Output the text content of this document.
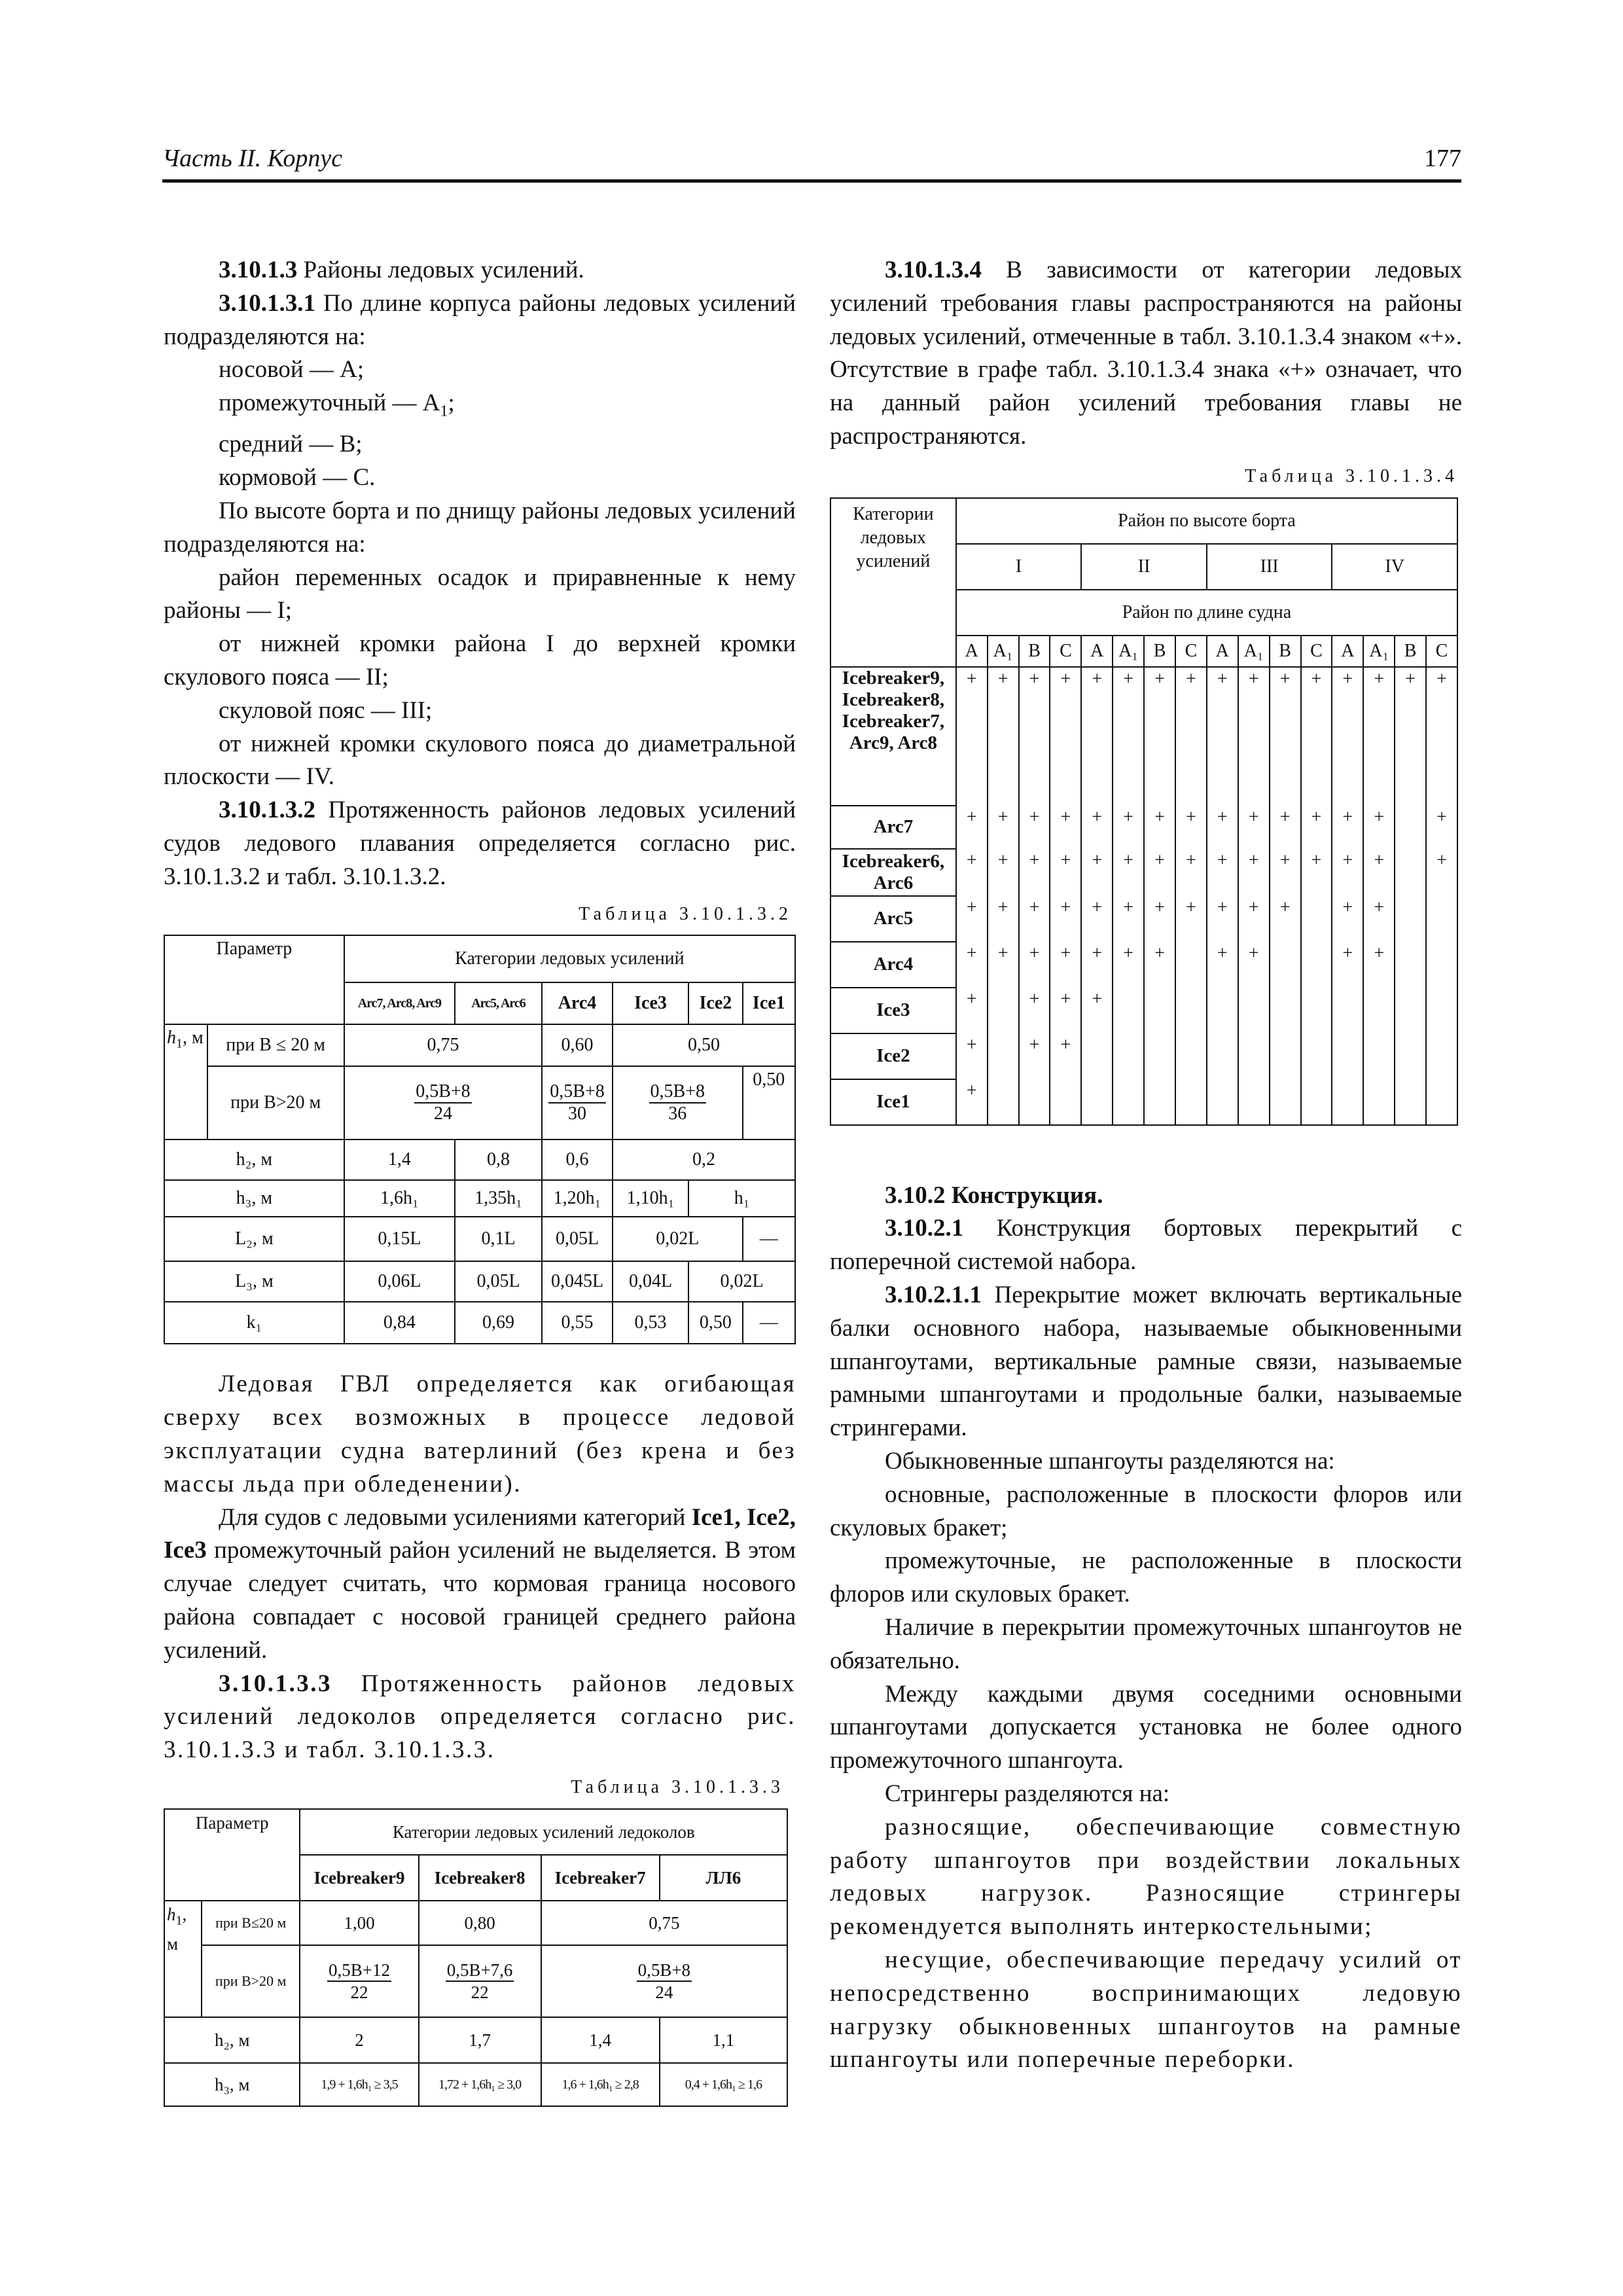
Часть II. Корпус	177

3.10.1.3 Районы ледовых усилений.

3.10.1.3.1 По длине корпуса районы ледовых усилений подразделяются на:

носовой — A;

промежуточный — $A_1$;

средний — B;

кормовой — C.

По высоте борта и по днищу районы ледовых усилений подразделяются на:

район переменных осадок и приравненные к нему районы — I;

от нижней кромки района I до верхней кромки скулового пояса — II;

скуловой пояс — III;

от нижней кромки скулового пояса до диаметральной плоскости — IV.

3.10.1.3.2 Протяженность районов ледовых усилений судов ледового плавания определяется согласно рис. 3.10.1.3.2 и табл. 3.10.1.3.2.

Таблица 3.10.1.3.2
Параметр		Категории ледовых усилений					
		Arc7, Arc8, Arc9	Arc5, Arc6	Arc4	Ice3	Ice2	Ice1
$h_1$, м	при B ≤ 20 м	0,75		0,60	0,50		
	при B>20 м	$\frac{0,5B+8}{24}$		$\frac{0,5B+8}{30}$	$\frac{0,5B+8}{36}$		0,50
h₂, м		1,4	0,8	0,6	0,2		
h₃, м		1,6h₁	1,35h₁	1,20h₁	1,10h₁	h₁	
L₂, м		0,15L	0,1L	0,05L	0,02L		—
L₃, м		0,06L	0,05L	0,045L	0,04L	0,02L	
k₁		0,84	0,69	0,55	0,53	0,50	—

Ледовая ГВЛ определяется как огибающая сверху всех возможных в процессе ледовой эксплуатации судна ватерлиний (без крена и без массы льда при обледенении).

Для судов с ледовыми усилениями категорий Ice1, Ice2, Ice3 промежуточный район усилений не выделяется. В этом случае следует считать, что кормовая граница носового района совпадает с носовой границей среднего района усилений.

3.10.1.3.3 Протяженность районов ледовых усилений ледоколов определяется согласно рис. 3.10.1.3.3 и табл. 3.10.1.3.3.

Таблица 3.10.1.3.3
Параметр		Категории ледовых усилений ледоколов			
		Icebreaker9	Icebreaker8	Icebreaker7	ЛЛ6
$h_1$, м	при B≤20 м	1,00	0,80	0,75	
	при B>20 м	$\frac{0,5B+12}{22}$	$\frac{0,5B+7,6}{22}$	$\frac{0,5B+8}{24}$

h₂, м		2	1,7	1,4	1,1
h₃, м		1,9 + 1,6h₁ ≥ 3,5	1,72 + 1,6h₁ ≥ 3,0	1,6 + 1,6h₁ ≥ 2,8	0,4 + 1,6h₁ ≥ 1,6

3.10.1.3.4 В зависимости от категории ледовых усилений требования главы распространяются на районы ледовых усилений, отмеченные в табл. 3.10.1.3.4 знаком «+». Отсутствие в графе табл. 3.10.1.3.4 знака «+» означает, что на данный район усилений требования главы не распространяются.

Таблица 3.10.1.3.4
Категории ледовых усилений	Район по высоте борта															
	I				II				III				IV			
	Район по длине судна															
	A	A₁	B	C	A	A₁	B	C	A	A₁	B	C	A	A₁	B	C
Icebreaker9, Icebreaker8, Icebreaker7, Arc9, Arc8	+	+	+	+	+	+	+	+	+	+	+	+	+	+	+	+
Arc7	+	+	+	+	+	+	+	+	+	+	+	+	+	+		+
Icebreaker6, Arc6	+	+	+	+	+	+	+	+	+	+	+	+	+	+		+
Arc5	+	+	+	+	+	+	+	+	+	+	+		+	+		
Arc4	+	+	+	+	+	+	+		+	+			+	+		
Ice3	+		+	+	+											
Ice2	+		+	+												
Ice1	+															

3.10.2 Конструкция.

3.10.2.1 Конструкция бортовых перекрытий с поперечной системой набора.

3.10.2.1.1 Перекрытие может включать вертикальные балки основного набора, называемые обыкновенными шпангоутами, вертикальные рамные связи, называемые рамными шпангоутами и продольные балки, называемые стрингерами.

Обыкновенные шпангоуты разделяются на:

основные, расположенные в плоскости флоров или скуловых бракет;

промежуточные, не расположенные в плоскости флоров или скуловых бракет.

Наличие в перекрытии промежуточных шпангоутов не обязательно.

Между каждыми двумя соседними основными шпангоутами допускается установка не более одного промежуточного шпангоута.

Стрингеры разделяются на:

разносящие, обеспечивающие совместную работу шпангоутов при воздействии локальных ледовых нагрузок. Разносящие стрингеры рекомендуется выполнять интеркостельными;

несущие, обеспечивающие передачу усилий от непосредственно воспринимающих ледовую нагрузку обыкновенных шпангоутов на рамные шпангоуты или поперечные переборки.
